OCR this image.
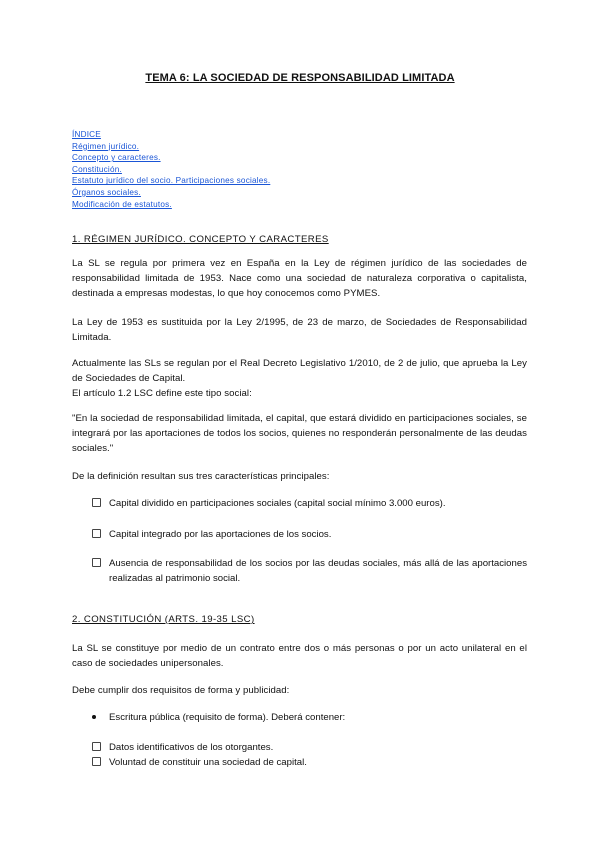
TEMA 6: LA SOCIEDAD DE RESPONSABILIDAD LIMITADA
ÍNDICE
Régimen jurídico.
Concepto y caracteres.
Constitución.
Estatuto jurídico del socio. Participaciones sociales.
Órganos sociales.
Modificación de estatutos.
1. RÉGIMEN JURÍDICO. CONCEPTO Y CARACTERES
La SL se regula por primera vez en España en la Ley de régimen jurídico de las sociedades de responsabilidad limitada de 1953. Nace como una sociedad de naturaleza corporativa o capitalista, destinada a empresas modestas, lo que hoy conocemos como PYMES.
La Ley de 1953 es sustituida por la Ley 2/1995, de 23 de marzo, de Sociedades de Responsabilidad Limitada.

Actualmente las SLs se regulan por el Real Decreto Legislativo 1/2010, de 2 de julio, que aprueba la Ley de Sociedades de Capital.

El artículo 1.2 LSC define este tipo social:

"En la sociedad de responsabilidad limitada, el capital, que estará dividido en participaciones sociales, se integrará por las aportaciones de todos los socios, quienes no responderán personalmente de las deudas sociales."
De la definición resultan sus tres características principales:
Capital dividido en participaciones sociales (capital social mínimo 3.000 euros).
Capital integrado por las aportaciones de los socios.
Ausencia de responsabilidad de los socios por las deudas sociales, más allá de las aportaciones realizadas al patrimonio social.
2. CONSTITUCIÓN (ARTS. 19-35 LSC)
La SL se constituye por medio de un contrato entre dos o más personas o por un acto unilateral en el caso de sociedades unipersonales.
Debe cumplir dos requisitos de forma y publicidad:
Escritura pública (requisito de forma). Deberá contener:
Datos identificativos de los otorgantes.
Voluntad de constituir una sociedad de capital.
